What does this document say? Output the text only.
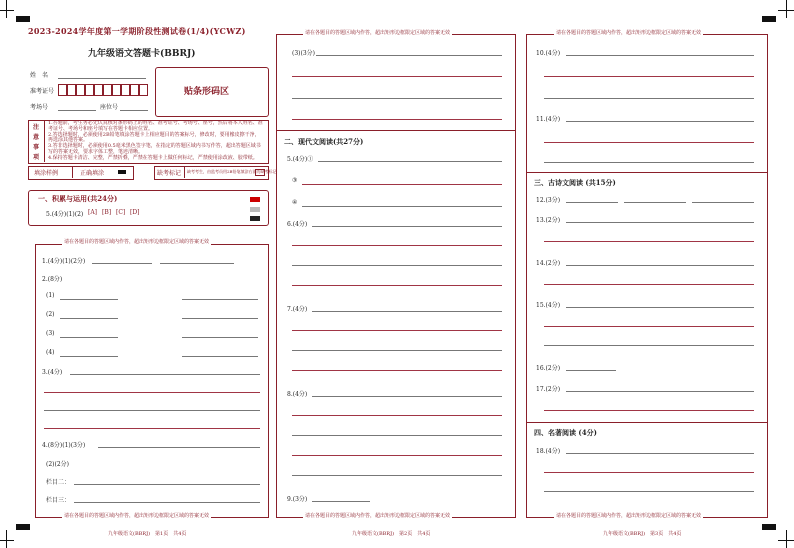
2023-2024学年度第一学期阶段性测试卷(1/4)(YCWZ)
九年级语文答题卡(BBRJ)
姓　名
准考证号
考场号	座位号
贴条形码区
注
意
事
项
1.答题前，考生务必先认真核对条形码上的姓名、准考证号、考场号、座号，然后将本人姓名、准考证号、考场号和座号填写在答题卡相应位置。
2.答选择题时，必须使用2B铅笔填涂答题卡上相应题目的答案标号，修改时，要用橡皮擦干净，再选涂其他答案。
3.答非选择题时，必须使用0.5毫米黑色签字笔，在指定的答题区域内书写作答，超出答题区域书写的答案无效，要求字体工整，笔迹清晰。
4.保持答题卡清洁、完整，严禁折叠，严禁在答题卡上做任何标记，严禁使用涂改液、胶带纸。
填涂样例	正确填涂	缺考标记 缺考考生，由监考员用2B铅笔填涂右面的缺考标记
一、积累与运用(共24分)
5.(4分)(1)(2) [A] [B] [C] [D]
请在各题目的答题区域内作答，超出矩形边框限定区域的答案无效
1.(4分)(1)(2分)
2.(8分)
(1)
(2)
(3)
(4)
3.(4分)
4.(8分)(1)(3分)
(2)(2分)
栏目二：
栏目三：
请在各题目的答题区域内作答，超出矩形边框限定区域的答案无效
九年级语文(BBRJ)　第1页　共4页
请在各题目的答题区域内作答，超出矩形边框限定区域的答案无效
(3)(3分)
二、现代文阅读(共27分)
5.(4分)①
③
④
6.(4分)
7.(4分)
8.(4分)
9.(3分)
请在各题目的答题区域内作答，超出矩形边框限定区域的答案无效
九年级语文(BBRJ)　第2页　共4页
请在各题目的答题区域内作答，超出矩形边框限定区域的答案无效
10.(4分)
11.(4分)
三、古诗文阅读 (共15分)
12.(3分)
13.(2分)
14.(2分)
15.(4分)
16.(2分)
17.(2分)
四、名著阅读 (4分)
18.(4分)
请在各题目的答题区域内作答，超出矩形边框限定区域的答案无效
九年级语文(BBRJ)　第3页　共4页
